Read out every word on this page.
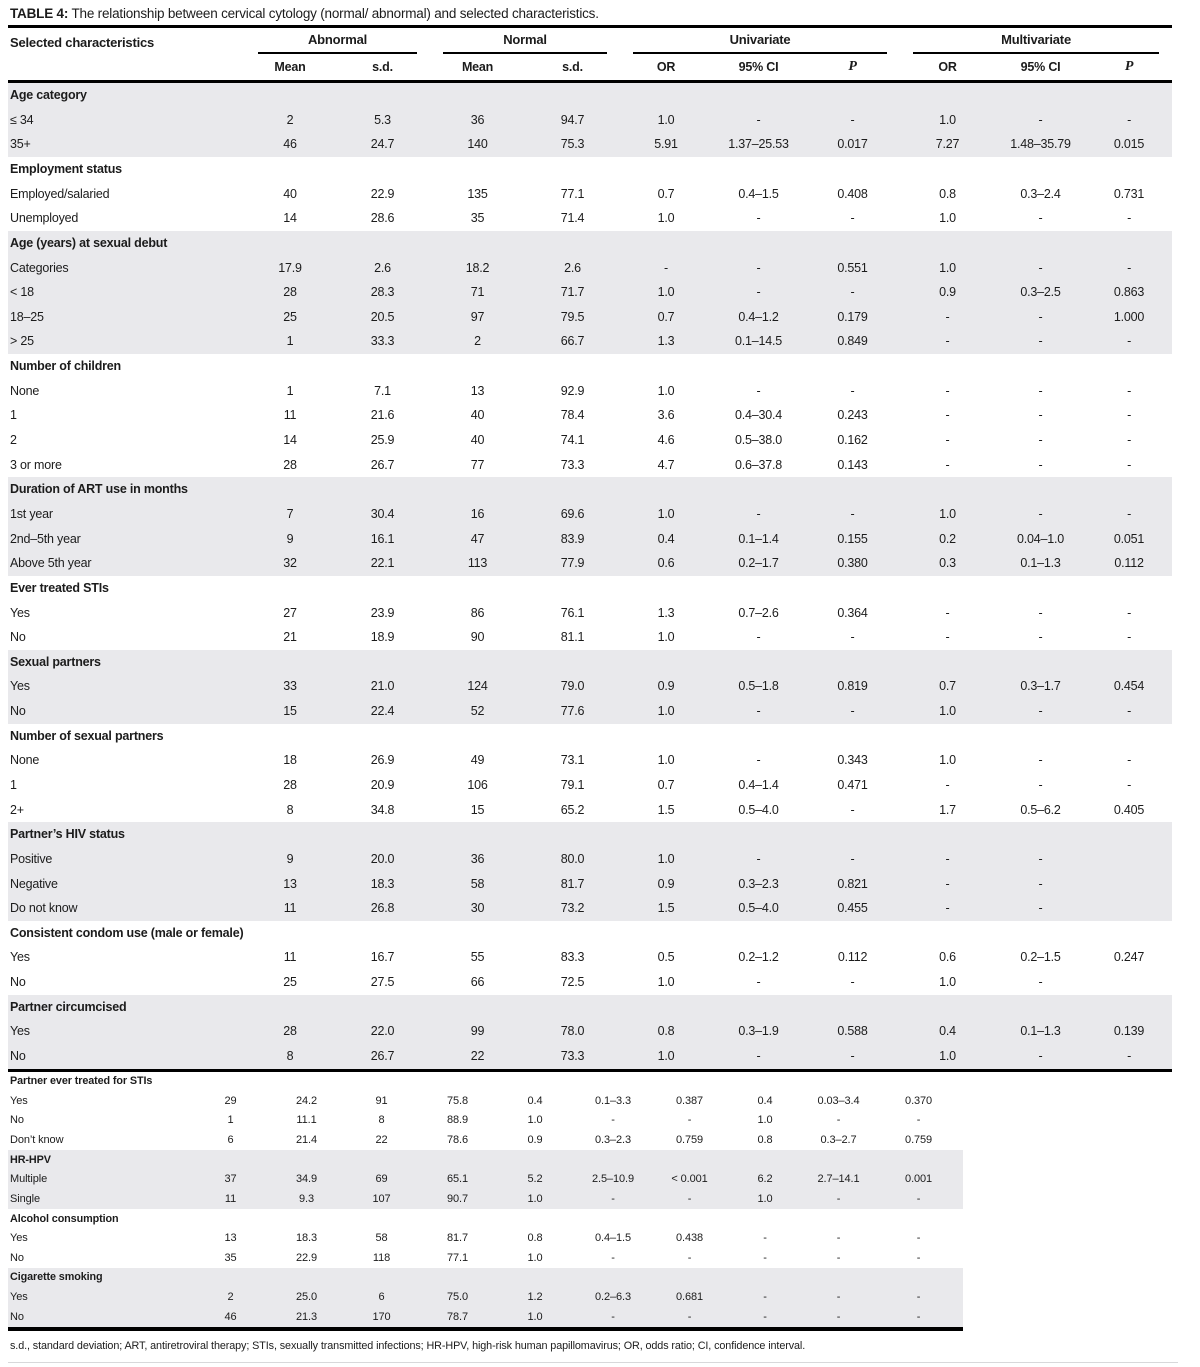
TABLE 4: The relationship between cervical cytology (normal/ abnormal) and selected characteristics.
Selected characteristics	Abnormal		Normal		Univariate			Multivariate		

	Mean	s.d.	Mean	s.d.	OR	95% CI	P	OR	95% CI	P
Age category										
≤ 34	2	5.3	36	94.7	1.0	-	-	1.0	-	-
35+	46	24.7	140	75.3	5.91	1.37–25.53	0.017	7.27	1.48–35.79	0.015
Employment status										
Employed/salaried	40	22.9	135	77.1	0.7	0.4–1.5	0.408	0.8	0.3–2.4	0.731
Unemployed	14	28.6	35	71.4	1.0	-	-	1.0	-	-
Age (years) at sexual debut										
Categories	17.9	2.6	18.2	2.6	-	-	0.551	1.0	-	-
< 18	28	28.3	71	71.7	1.0	-	-	0.9	0.3–2.5	0.863
18–25	25	20.5	97	79.5	0.7	0.4–1.2	0.179	-	-	1.000
> 25	1	33.3	2	66.7	1.3	0.1–14.5	0.849	-	-	-
Number of children										
None	1	7.1	13	92.9	1.0	-	-	-	-	-
1	11	21.6	40	78.4	3.6	0.4–30.4	0.243	-	-	-
2	14	25.9	40	74.1	4.6	0.5–38.0	0.162	-	-	-
3 or more	28	26.7	77	73.3	4.7	0.6–37.8	0.143	-	-	-
Duration of ART use in months										
1st year	7	30.4	16	69.6	1.0	-	-	1.0	-	-
2nd–5th year	9	16.1	47	83.9	0.4	0.1–1.4	0.155	0.2	0.04–1.0	0.051
Above 5th year	32	22.1	113	77.9	0.6	0.2–1.7	0.380	0.3	0.1–1.3	0.112
Ever treated STIs										
Yes	27	23.9	86	76.1	1.3	0.7–2.6	0.364	-	-	-
No	21	18.9	90	81.1	1.0	-	-	-	-	-
Sexual partners										
Yes	33	21.0	124	79.0	0.9	0.5–1.8	0.819	0.7	0.3–1.7	0.454
No	15	22.4	52	77.6	1.0	-	-	1.0	-	-
Number of sexual partners										
None	18	26.9	49	73.1	1.0	-	0.343	1.0	-	-
1	28	20.9	106	79.1	0.7	0.4–1.4	0.471	-	-	-
2+	8	34.8	15	65.2	1.5	0.5–4.0	-	1.7	0.5–6.2	0.405
Partner’s HIV status										
Positive	9	20.0	36	80.0	1.0	-	-	-	-	
Negative	13	18.3	58	81.7	0.9	0.3–2.3	0.821	-	-	
Do not know	11	26.8	30	73.2	1.5	0.5–4.0	0.455	-	-	
Consistent condom use (male or female)										
Yes	11	16.7	55	83.3	0.5	0.2–1.2	0.112	0.6	0.2–1.5	0.247
No	25	27.5	66	72.5	1.0	-	-	1.0	-	
Partner circumcised										
Yes	28	22.0	99	78.0	0.8	0.3–1.9	0.588	0.4	0.1–1.3	0.139
No	8	26.7	22	73.3	1.0	-	-	1.0	-	-
Partner ever treated for STIs										
Yes	29	24.2	91	75.8	0.4	0.1–3.3	0.387	0.4	0.03–3.4	0.370
No	1	11.1	8	88.9	1.0	-	-	1.0	-	-
Don’t know	6	21.4	22	78.6	0.9	0.3–2.3	0.759	0.8	0.3–2.7	0.759
HR-HPV										
Multiple	37	34.9	69	65.1	5.2	2.5–10.9	< 0.001	6.2	2.7–14.1	0.001
Single	11	9.3	107	90.7	1.0	-	-	1.0	-	-
Alcohol consumption										
Yes	13	18.3	58	81.7	0.8	0.4–1.5	0.438	-	-	-
No	35	22.9	118	77.1	1.0	-	-	-	-	-
Cigarette smoking										
Yes	2	25.0	6	75.0	1.2	0.2–6.3	0.681	-	-	-
No	46	21.3	170	78.7	1.0	-	-	-	-	-
s.d., standard deviation; ART, antiretroviral therapy; STIs, sexually transmitted infections; HR-HPV, high-risk human papillomavirus; OR, odds ratio; CI, confidence interval.
